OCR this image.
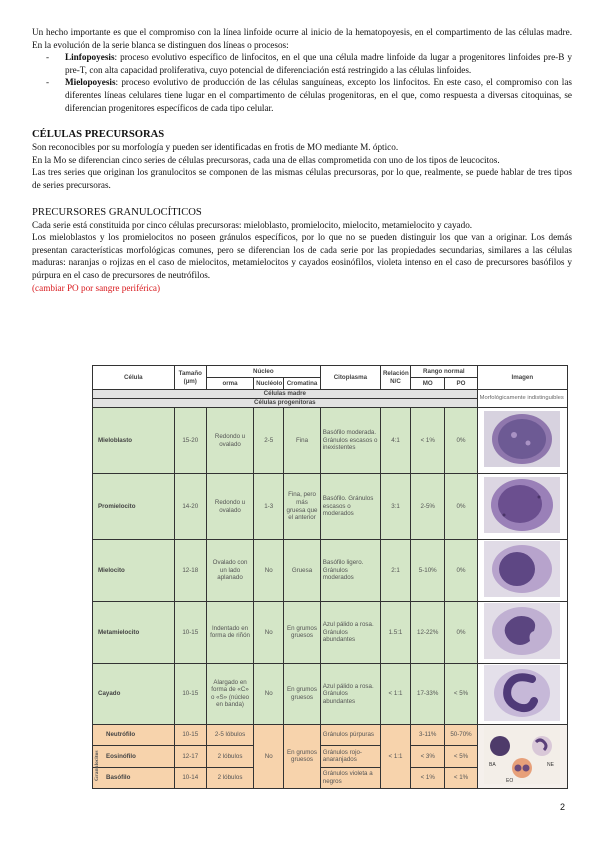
Un hecho importante es que el compromiso con la línea linfoide ocurre al inicio de la hematopoyesis, en el compartimento de las células madre. En la evolución de la serie blanca se distinguen dos líneas o procesos:

- Linfopoyesis: proceso evolutivo específico de linfocitos, en el que una célula madre linfoide da lugar a progenitores linfoides pre-B y pre-T, con alta capacidad proliferativa, cuyo potencial de diferenciación está restringido a las células linfoides.
- Mielopoyesis: proceso evolutivo de producción de las células sanguíneas, excepto los linfocitos. En este caso, el compromiso con las diferentes líneas celulares tiene lugar en el compartimento de células progenitoras, en el que, como respuesta a diversas citoquinas, se diferencian progenitores específicos de cada tipo celular.
CÉLULAS PRECURSORAS

Son reconocibles por su morfología y pueden ser identificadas en frotis de MO mediante M. óptico.

En la Mo se diferencian cinco series de células precursoras, cada una de ellas comprometida con uno de los tipos de leucocitos.

Las tres series que originan los granulocitos se componen de las mismas células precursoras, por lo que, realmente, se puede hablar de tres tipos de series precursoras.

PRECURSORES GRANULOCÍTICOS

Cada serie está constituida por cinco células precursoras: mieloblasto, promielocito, mielocito, metamielocito y cayado.

Los mieloblastos y los promielocitos no poseen gránulos específicos, por lo que no se pueden distinguir los que van a originar. Los demás presentan características morfológicas comunes, pero se diferencian los de cada serie por las propiedades secundarias, similares a las células maduras: naranjas o rojizas en el caso de mielocitos, metamielocitos y cayados eosinófilos, violeta intenso en el caso de precursores basófilos y púrpura en el caso de precursores de neutrófilos.

(cambiar PO por sangre periférica)

Célula	Tamaño (µm)	Núcleo			Citoplasma	Relación N/C	Rango normal		Imagen
		orma	Nucléolo	Cromatina			MO	PO	
Células madre									Morfológicamente indistinguibles
Células progenitoras									
Mieloblasto	15-20	Redondo u ovalado	2-5	Fina	Basófilo moderada. Gránulos escasos o inexistentes	4:1	< 1%	0%	
Promielocito	14-20	Redondo u ovalado	1-3	Fina, pero más gruesa que el anterior	Basófilo. Gránulos escasos o moderados	3:1	2-5%	0%	
Mielocito	12-18	Ovalado con un lado aplanado	No	Gruesa	Basófilo ligero. Gránulos moderados	2:1	5-10%	0%	
Metamielocito	10-15	Indentado en forma de riñón	No	En grumos gruesos	Azul pálido a rosa. Gránulos abundantes	1.5:1	12-22%	0%	
Cayado	10-15	Alargado en forma de «C» o «S» (núcleo en banda)	No	En grumos gruesos	Azul pálido a rosa. Gránulos abundantes	< 1:1	17-33%	< 5%	
Neutrófilo	10-15	2-5 lóbulos	No	En grumos gruesos	Gránulos púrpuras	< 1:1	3-11%	50-70%	BA NE
EO

Eosinófilo	12-17	2 lóbulos			Gránulos rojo-anaranjados		< 3%	< 5%	
Basófilo	10-14	2 lóbulos			Gránulos violeta a negros		< 1%	< 1%	
Granulocitos
2
